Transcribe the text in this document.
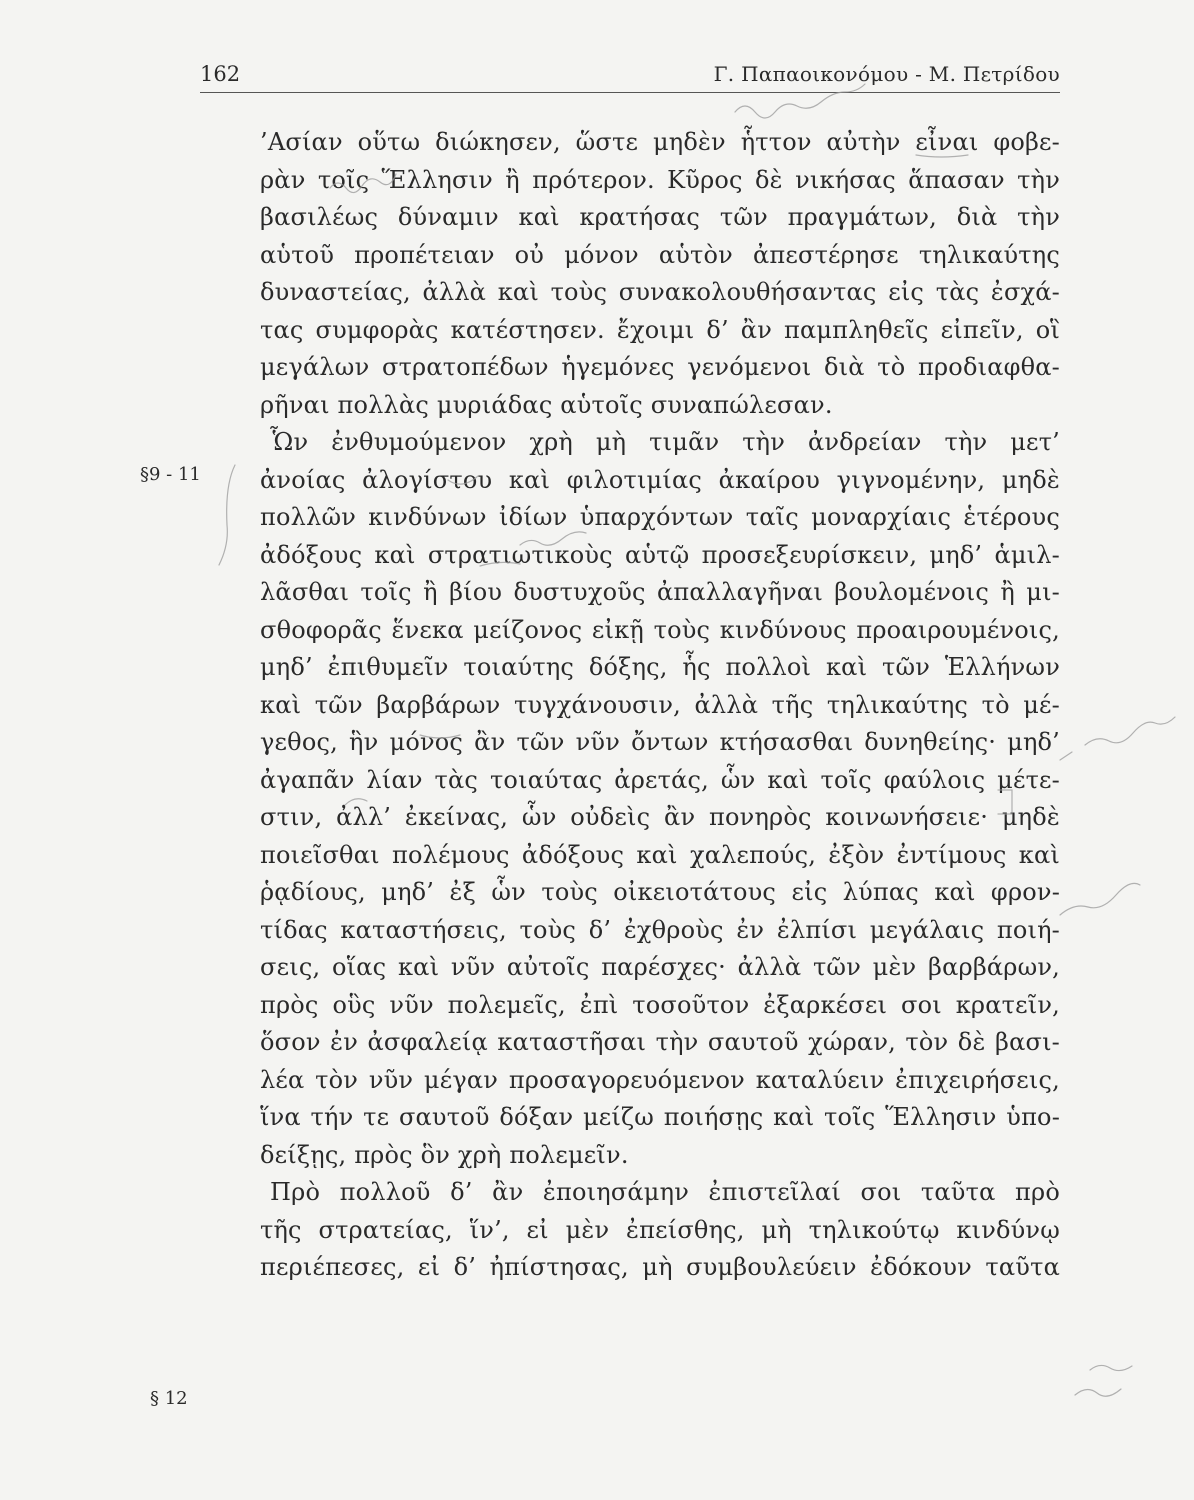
162	Γ. Παπαοικονόμου - Μ. Πετρίδου
§9 - 11
§ 12
’Ασίαν οὕτω διώκησεν, ὥστε μηδὲν ἧττον αὐτὴν εἶναι φοβε-
ρὰν τοῖς Ἕλλησιν ἢ πρότερον. Κῦρος δὲ νικήσας ἅπασαν τὴν
βασιλέως δύναμιν καὶ κρατήσας τῶν πραγμάτων, διὰ τὴν
αὑτοῦ προπέτειαν οὐ μόνον αὑτὸν ἀπεστέρησε τηλικαύτης
δυναστείας, ἀλλὰ καὶ τοὺς συνακολουθήσαντας εἰς τὰς ἐσχά-
τας συμφορὰς κατέστησεν. ἔχοιμι δ’ ἂν παμπληθεῖς εἰπεῖν, οἳ
μεγάλων στρατοπέδων ἡγεμόνες γενόμενοι διὰ τὸ προδιαφθα-
ρῆναι πολλὰς μυριάδας αὑτοῖς συναπώλεσαν.
Ὧν ἐνθυμούμενον χρὴ μὴ τιμᾶν τὴν ἀνδρείαν τὴν μετ’
ἀνοίας ἀλογίστου καὶ φιλοτιμίας ἀκαίρου γιγνομένην, μηδὲ
πολλῶν κινδύνων ἰδίων ὑπαρχόντων ταῖς μοναρχίαις ἑτέρους
ἀδόξους καὶ στρατιωτικοὺς αὑτῷ προσεξευρίσκειν, μηδ’ ἁμιλ-
λᾶσθαι τοῖς ἢ βίου δυστυχοῦς ἀπαλλαγῆναι βουλομένοις ἢ μι-
σθοφορᾶς ἕνεκα μείζονος εἰκῇ τοὺς κινδύνους προαιρουμένοις,
μηδ’ ἐπιθυμεῖν τοιαύτης δόξης, ἧς πολλοὶ καὶ τῶν Ἑλλήνων
καὶ τῶν βαρβάρων τυγχάνουσιν, ἀλλὰ τῆς τηλικαύτης τὸ μέ-
γεθος, ἣν μόνος ἂν τῶν νῦν ὄντων κτήσασθαι δυνηθείης· μηδ’
ἀγαπᾶν λίαν τὰς τοιαύτας ἀρετάς, ὧν καὶ τοῖς φαύλοις μέτε-
στιν, ἀλλ’ ἐκείνας, ὧν οὐδεὶς ἂν πονηρὸς κοινωνήσειε· μηδὲ
ποιεῖσθαι πολέμους ἀδόξους καὶ χαλεπούς, ἐξὸν ἐντίμους καὶ
ῥᾳδίους, μηδ’ ἐξ ὧν τοὺς οἰκειοτάτους εἰς λύπας καὶ φρον-
τίδας καταστήσεις, τοὺς δ’ ἐχθροὺς ἐν ἐλπίσι μεγάλαις ποιή-
σεις, οἵας καὶ νῦν αὐτοῖς παρέσχες· ἀλλὰ τῶν μὲν βαρβάρων,
πρὸς οὓς νῦν πολεμεῖς, ἐπὶ τοσοῦτον ἐξαρκέσει σοι κρατεῖν,
ὅσον ἐν ἀσφαλείᾳ καταστῆσαι τὴν σαυτοῦ χώραν, τὸν δὲ βασι-
λέα τὸν νῦν μέγαν προσαγορευόμενον καταλύειν ἐπιχειρήσεις,
ἵνα τήν τε σαυτοῦ δόξαν μείζω ποιήσῃς καὶ τοῖς Ἕλλησιν ὑπο-
δείξῃς, πρὸς ὃν χρὴ πολεμεῖν.
Πρὸ πολλοῦ δ’ ἂν ἐποιησάμην ἐπιστεῖλαί σοι ταῦτα πρὸ
τῆς στρατείας, ἵν’, εἰ μὲν ἐπείσθης, μὴ τηλικούτῳ κινδύνῳ
περιέπεσες, εἰ δ’ ἠπίστησας, μὴ συμβουλεύειν ἐδόκουν ταῦτα
